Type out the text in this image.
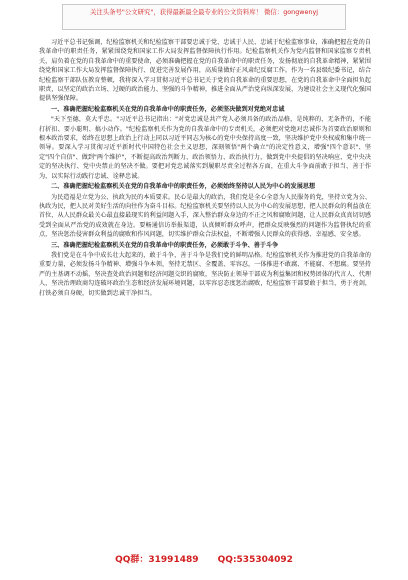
关注头条号"公文研究"，获得最新最全最专业的公文资料库！ 微信：gongwenyj

习近平总书记强调，纪检监察机关和纪检监察干部要忠诚于党、忠诚于人民、忠诚于纪检监察事业，准确把握在党的自我革命中的职责任务，紧紧围绕党和国家工作大局发挥监督保障执行作用。纪检监察机关作为党内监督和国家监察专责机关，肩负着在党的自我革命中的重要使命，必须准确把握在党的自我革命中的职责任务，发扬彻底的自我革命精神，紧紧围绕党和国家工作大局发挥监督保障执行、促进完善发展作用，高质量做好正风肃纪反腐工作。作为一名县级纪委书记，结合纪检监察干部队伍教育整顿，我将深入学习贯彻习近平总书记关于党的自我革命的重要思想，在党的自我革命中全面担负起职责，以坚定的政治立场、过硬的政治能力、坚强的斗争精神，推进全面从严治党向纵深发展，为建设社会主义现代化强国提供坚强保障。

一、准确把握纪检监察机关在党的自我革命中的职责任务，必须坚决做到对党绝对忠诚

"天下至德，莫大乎忠。"习近平总书记指出："对党忠诚是共产党人必须具备的政治品格，是纯粹的、无条件的，不能打折扣、要小聪明、搞小动作。"纪检监察机关作为党的自我革命中的专责机关，必须把对党绝对忠诚作为首要政治原则和根本政治要求，始终在思想上政治上行动上同以习近平同志为核心的党中央保持高度一致，坚决维护党中央权威和集中统一领导。要深入学习贯彻习近平新时代中国特色社会主义思想，深刻领悟"两个确立"的决定性意义，增强"四个意识"、坚定"四个自信"、做到"两个维护"，不断提高政治判断力、政治领悟力、政治执行力，做到党中央提倡的坚决响应、党中央决定的坚决执行、党中央禁止的坚决不做。要把对党忠诚落实到履职尽责全过程各方面，在重大斗争面前敢于担当、善于作为，以实际行动践行忠诚、诠释忠诚。

二、准确把握纪检监察机关在党的自我革命中的职责任务，必须始终坚持以人民为中心的发展思想

为民造福是立党为公、执政为民的本质要求。民心是最大的政治，我们党是全心全意为人民服务的党，坚持立党为公、执政为民，把人民对美好生活的向往作为奋斗目标。纪检监察机关要坚持以人民为中心的发展思想，把人民群众的利益放在首位，从人民群众最关心最直接最现实的利益问题入手，深入整治群众身边的不正之风和腐败问题，让人民群众真真切切感受到全面从严治党的成效就在身边。要畅通信访举报渠道，认真倾听群众呼声，把群众反映强烈的问题作为监督执纪的重点，坚决惩治侵害群众利益的腐败和作风问题，切实维护群众合法权益，不断增强人民群众的获得感、幸福感、安全感。

三、准确把握纪检监察机关在党的自我革命中的职责任务，必须敢于斗争、善于斗争

我们党是在斗争中成长壮大起来的，敢于斗争、善于斗争是我们党的鲜明品格。纪检监察机关作为推进党的自我革命的重要力量，必须发扬斗争精神、增强斗争本领，坚持无禁区、全覆盖、零容忍，一体推进不敢腐、不能腐、不想腐。要坚持严的主基调不动摇，坚决查处政治问题和经济问题交织的腐败，坚决防止领导干部成为利益集团和权势团体的代言人、代理人，坚决治理政商勾连破坏政治生态和经济发展环境问题，以零容忍态度惩治腐败，纪检监察干部要敢于担当、勇于亮剑，打铁必须自身硬，切实做到忠诚干净担当。

QQ群：31991489 QQ:535304092
